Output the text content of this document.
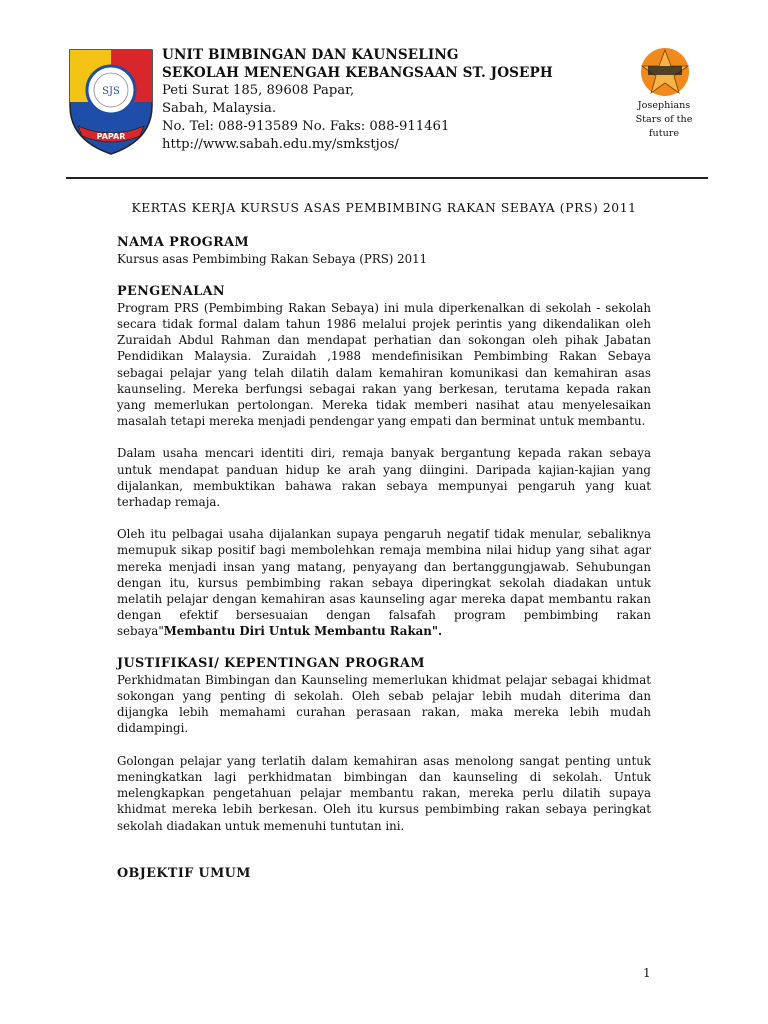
SJS
PAPAR
UNIT BIMBINGAN DAN KAUNSELING
SEKOLAH MENENGAH KEBANGSAAN ST. JOSEPH
Peti Surat 185, 89608 Papar,
Sabah, Malaysia.
No. Tel: 088-913589 No. Faks: 088-911461
http://www.sabah.edu.my/smkstjos/
Josephians
Stars of the
future

KERTAS KERJA KURSUS ASAS PEMBIMBING RAKAN SEBAYA (PRS) 2011

NAMA PROGRAM

Kursus asas Pembimbing Rakan Sebaya (PRS) 2011

PENGENALAN

Program PRS (Pembimbing Rakan Sebaya) ini mula diperkenalkan di sekolah - sekolah secara tidak formal dalam tahun 1986 melalui projek perintis yang dikendalikan oleh Zuraidah Abdul Rahman dan mendapat perhatian dan sokongan oleh pihak Jabatan Pendidikan Malaysia. Zuraidah ,1988 mendefinisikan Pembimbing Rakan Sebaya sebagai pelajar yang telah dilatih dalam kemahiran komunikasi dan kemahiran asas kaunseling. Mereka berfungsi sebagai rakan yang berkesan, terutama kepada rakan yang memerlukan pertolongan. Mereka tidak memberi nasihat atau menyelesaikan masalah tetapi mereka menjadi pendengar yang empati dan berminat untuk membantu.

Dalam usaha mencari identiti diri, remaja banyak bergantung kepada rakan sebaya untuk mendapat panduan hidup ke arah yang diingini. Daripada kajian-kajian yang dijalankan, membuktikan bahawa rakan sebaya mempunyai pengaruh yang kuat terhadap remaja.

Oleh itu pelbagai usaha dijalankan supaya pengaruh negatif tidak menular, sebaliknya memupuk sikap positif bagi membolehkan remaja membina nilai hidup yang sihat agar mereka menjadi insan yang matang, penyayang dan bertanggungjawab. Sehubungan dengan itu, kursus pembimbing rakan sebaya diperingkat sekolah diadakan untuk melatih pelajar dengan kemahiran asas kaunseling agar mereka dapat membantu rakan dengan efektif bersesuaian dengan falsafah program pembimbing rakan sebaya"Membantu Diri Untuk Membantu Rakan".

JUSTIFIKASI/ KEPENTINGAN PROGRAM

Perkhidmatan Bimbingan dan Kaunseling memerlukan khidmat pelajar sebagai khidmat sokongan yang penting di sekolah. Oleh sebab pelajar lebih mudah diterima dan dijangka lebih memahami curahan perasaan rakan, maka mereka lebih mudah didampingi.

Golongan pelajar yang terlatih dalam kemahiran asas menolong sangat penting untuk meningkatkan lagi perkhidmatan bimbingan dan kaunseling di sekolah. Untuk melengkapkan pengetahuan pelajar membantu rakan, mereka perlu dilatih supaya khidmat mereka lebih berkesan. Oleh itu kursus pembimbing rakan sebaya peringkat sekolah diadakan untuk memenuhi tuntutan ini.

OBJEKTIF UMUM

1
